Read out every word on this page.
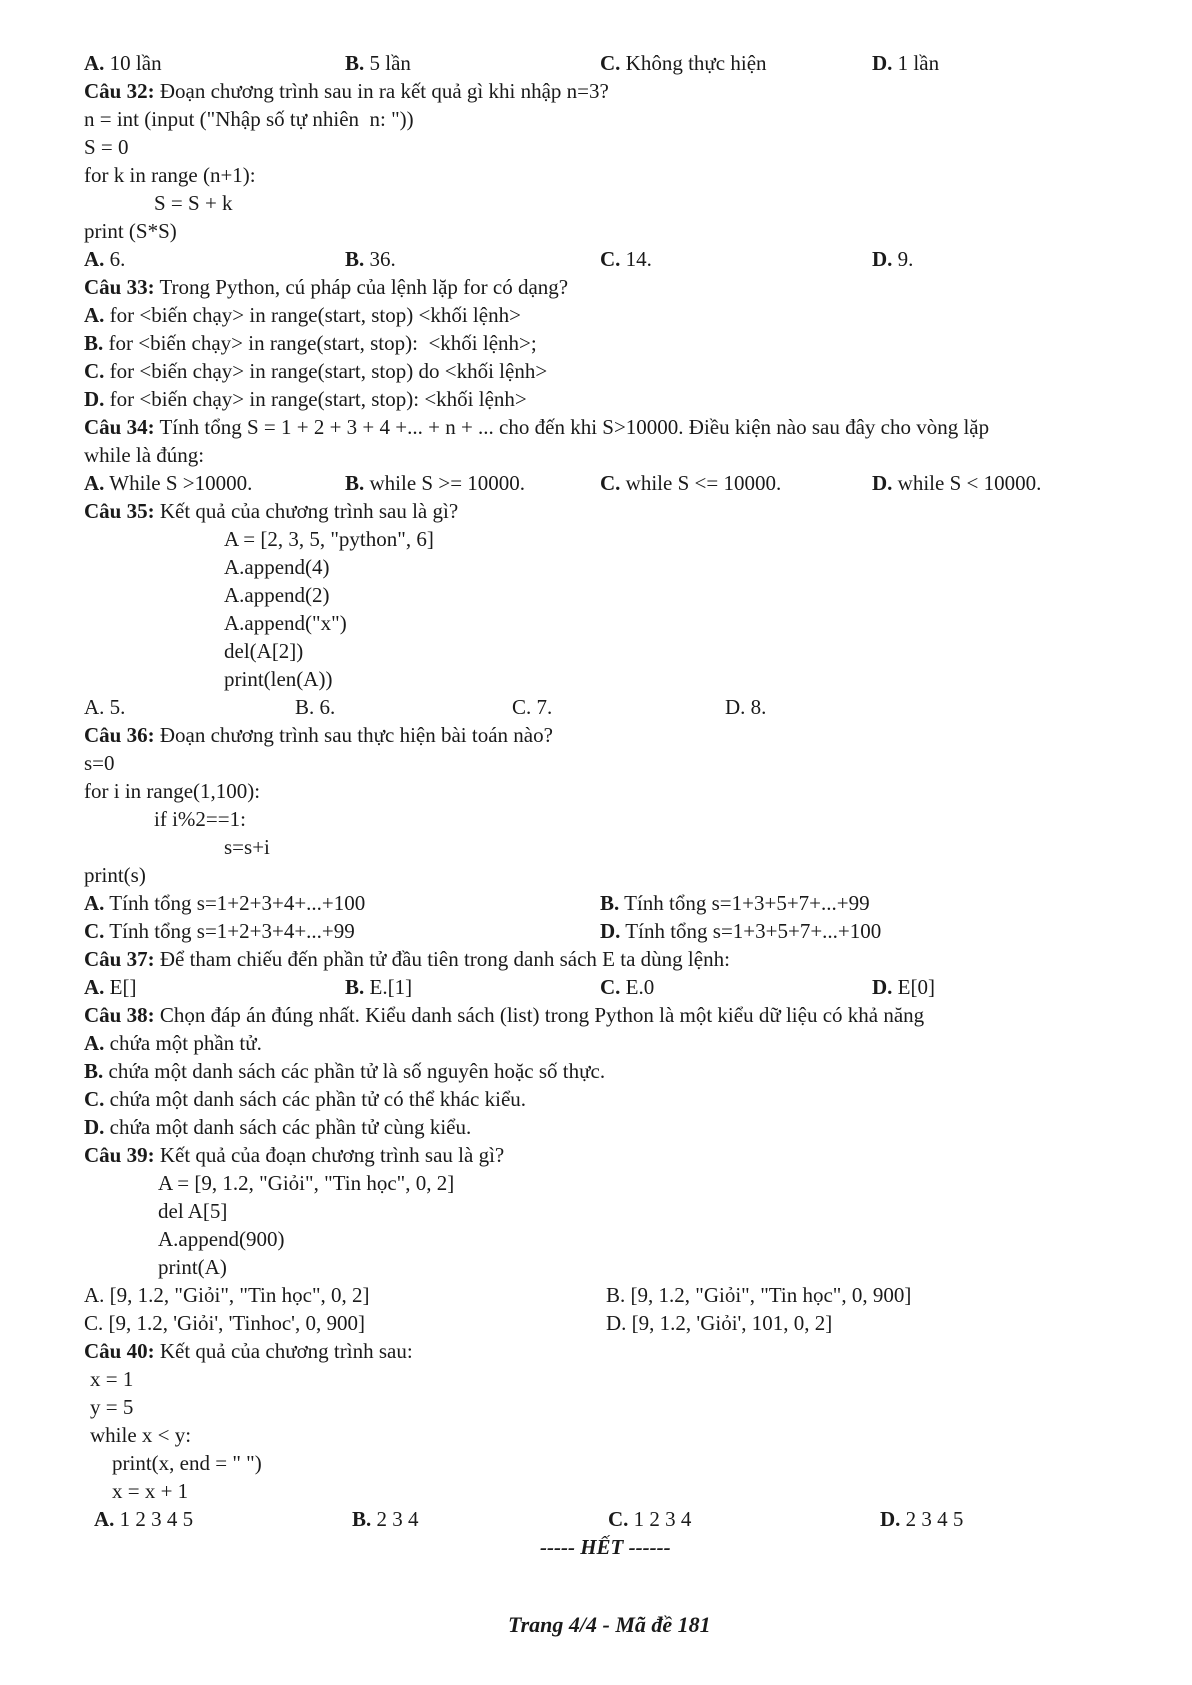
A. 10 lần	B. 5 lần	C. Không thực hiện	D. 1 lần
Câu 32: Đoạn chương trình sau in ra kết quả gì khi nhập n=3?
n = int (input ("Nhập số tự nhiên  n: "))
S = 0
for k in range (n+1):
S = S + k
print (S*S)
A. 6.	B. 36.	C. 14.	D. 9.
Câu 33: Trong Python, cú pháp của lệnh lặp for có dạng?
A. for <biến chạy> in range(start, stop) <khối lệnh>
B. for <biến chạy> in range(start, stop):  <khối lệnh>;
C. for <biến chạy> in range(start, stop) do <khối lệnh>
D. for <biến chạy> in range(start, stop): <khối lệnh>
Câu 34: Tính tổng S = 1 + 2 + 3 + 4 +... + n + ... cho đến khi S>10000. Điều kiện nào sau đây cho vòng lặp
while là đúng:
A. While S >10000.	B. while S >= 10000.	C. while S <= 10000.	D. while S < 10000.
Câu 35: Kết quả của chương trình sau là gì?
A = [2, 3, 5, "python", 6]
A.append(4)
A.append(2)
A.append("x")
del(A[2])
print(len(A))
A. 5.	B. 6.	C. 7.	D. 8.
Câu 36: Đoạn chương trình sau thực hiện bài toán nào?
s=0
for i in range(1,100):
if i%2==1:
s=s+i
print(s)
A. Tính tổng s=1+2+3+4+...+100	B. Tính tổng s=1+3+5+7+...+99
C. Tính tổng s=1+2+3+4+...+99	D. Tính tổng s=1+3+5+7+...+100
Câu 37: Để tham chiếu đến phần tử đầu tiên trong danh sách E ta dùng lệnh:
A. E[]	B. E.[1]	C. E.0	D. E[0]
Câu 38: Chọn đáp án đúng nhất. Kiểu danh sách (list) trong Python là một kiểu dữ liệu có khả năng
A. chứa một phần tử.
B. chứa một danh sách các phần tử là số nguyên hoặc số thực.
C. chứa một danh sách các phần tử có thể khác kiểu.
D. chứa một danh sách các phần tử cùng kiểu.
Câu 39: Kết quả của đoạn chương trình sau là gì?
A = [9, 1.2, "Giỏi", "Tin học", 0, 2]
del A[5]
A.append(900)
print(A)
A. [9, 1.2, "Giỏi", "Tin học", 0, 2]	B. [9, 1.2, "Giỏi", "Tin học", 0, 900]
C. [9, 1.2, 'Giỏi', 'Tinhoc', 0, 900]	D. [9, 1.2, 'Giỏi', 101, 0, 2]
Câu 40: Kết quả của chương trình sau:
x = 1
y = 5
while x < y:
print(x, end = " ")
x = x + 1
A. 1 2 3 4 5	B. 2 3 4	C. 1 2 3 4	D. 2 3 4 5
----- HẾT ------
Trang 4/4 - Mã đề 181
